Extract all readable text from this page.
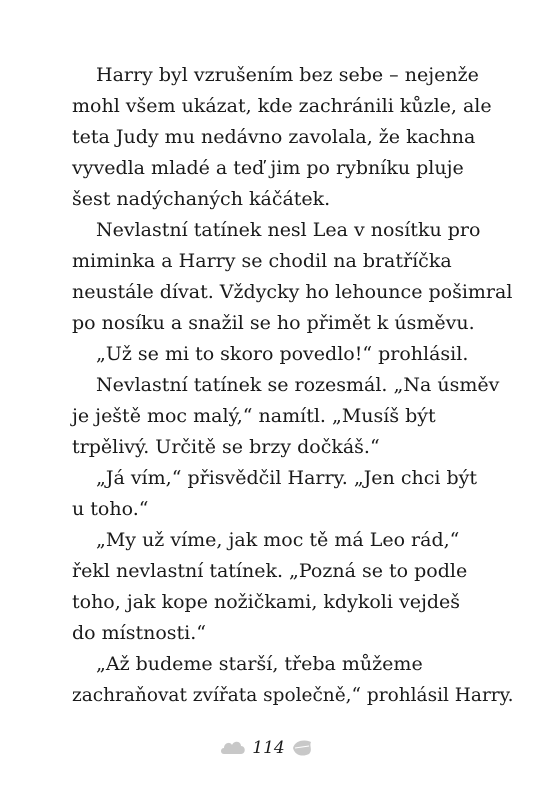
Harry byl vzrušením bez sebe – nejenže
mohl všem ukázat, kde zachránili kůzle, ale
teta Judy mu nedávno zavolala, že kachna
vyvedla mladé a teď jim po rybníku pluje
šest nadýchaných káčátek.
Nevlastní tatínek nesl Lea v nosítku pro
miminka a Harry se chodil na bratříčka
neustále dívat. Vždycky ho lehounce pošimral
po nosíku a snažil se ho přimět k úsměvu.
„Už se mi to skoro povedlo!“ prohlásil.
Nevlastní tatínek se rozesmál. „Na úsměv
je ještě moc malý,“ namítl. „Musíš být
trpělivý. Určitě se brzy dočkáš.“
„Já vím,“ přisvědčil Harry. „Jen chci být
u toho.“
„My už víme, jak moc tě má Leo rád,“
řekl nevlastní tatínek. „Pozná se to podle
toho, jak kope nožičkami, kdykoli vejdeš
do místnosti.“
„Až budeme starší, třeba můžeme
zachraňovat zvířata společně,“ prohlásil Harry.
114
